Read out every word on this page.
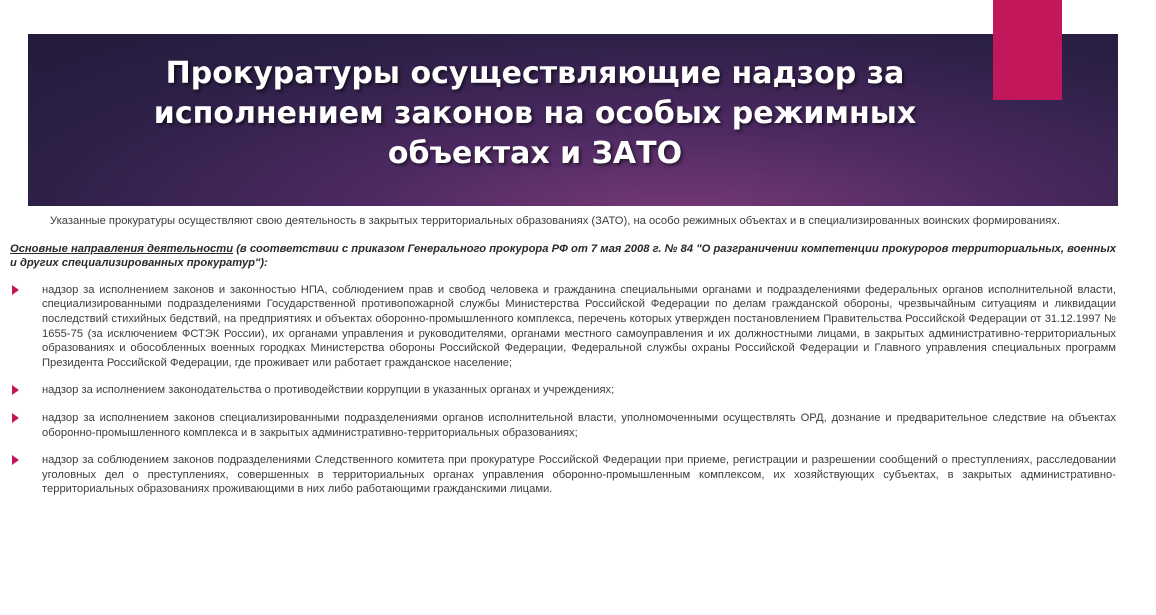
Прокуратуры осуществляющие надзор за
исполнением законов на особых режимных
объектах и ЗАТО

Указанные прокуратуры осуществляют свою деятельность в закрытых территориальных образованиях (ЗАТО), на особо режимных объектах и в специализированных воинских формированиях.

Основные направления деятельности (в соответствии с приказом Генерального прокурора РФ от 7 мая 2008 г. № 84 "О разграничении компетенции прокуроров территориальных, военных и других специализированных прокуратур"):

надзор за исполнением законов и законностью НПА, соблюдением прав и свобод человека и гражданина специальными органами и подразделениями федеральных органов исполнительной власти, специализированными подразделениями Государственной противопожарной службы Министерства Российской Федерации по делам гражданской обороны, чрезвычайным ситуациям и ликвидации последствий стихийных бедствий, на предприятиях и объектах оборонно-промышленного комплекса, перечень которых утвержден постановлением Правительства Российской Федерации от 31.12.1997 № 1655-75 (за исключением ФСТЭК России), их органами управления и руководителями, органами местного самоуправления и их должностными лицами, в закрытых административно-территориальных образованиях и обособленных военных городках Министерства обороны Российской Федерации, Федеральной службы охраны Российской Федерации и Главного управления специальных программ Президента Российской Федерации, где проживает или работает гражданское население;
надзор за исполнением законодательства о противодействии коррупции в указанных органах и учреждениях;
надзор за исполнением законов специализированными подразделениями органов исполнительной власти, уполномоченными осуществлять ОРД, дознание и предварительное следствие на объектах оборонно-промышленного комплекса и в закрытых административно-территориальных образованиях;
надзор за соблюдением законов подразделениями Следственного комитета при прокуратуре Российской Федерации при приеме, регистрации и разрешении сообщений о преступлениях, расследовании уголовных дел о преступлениях, совершенных в территориальных органах управления оборонно-промышленным комплексом, их хозяйствующих субъектах, в закрытых административно-территориальных образованиях проживающими в них либо работающими гражданскими лицами.
